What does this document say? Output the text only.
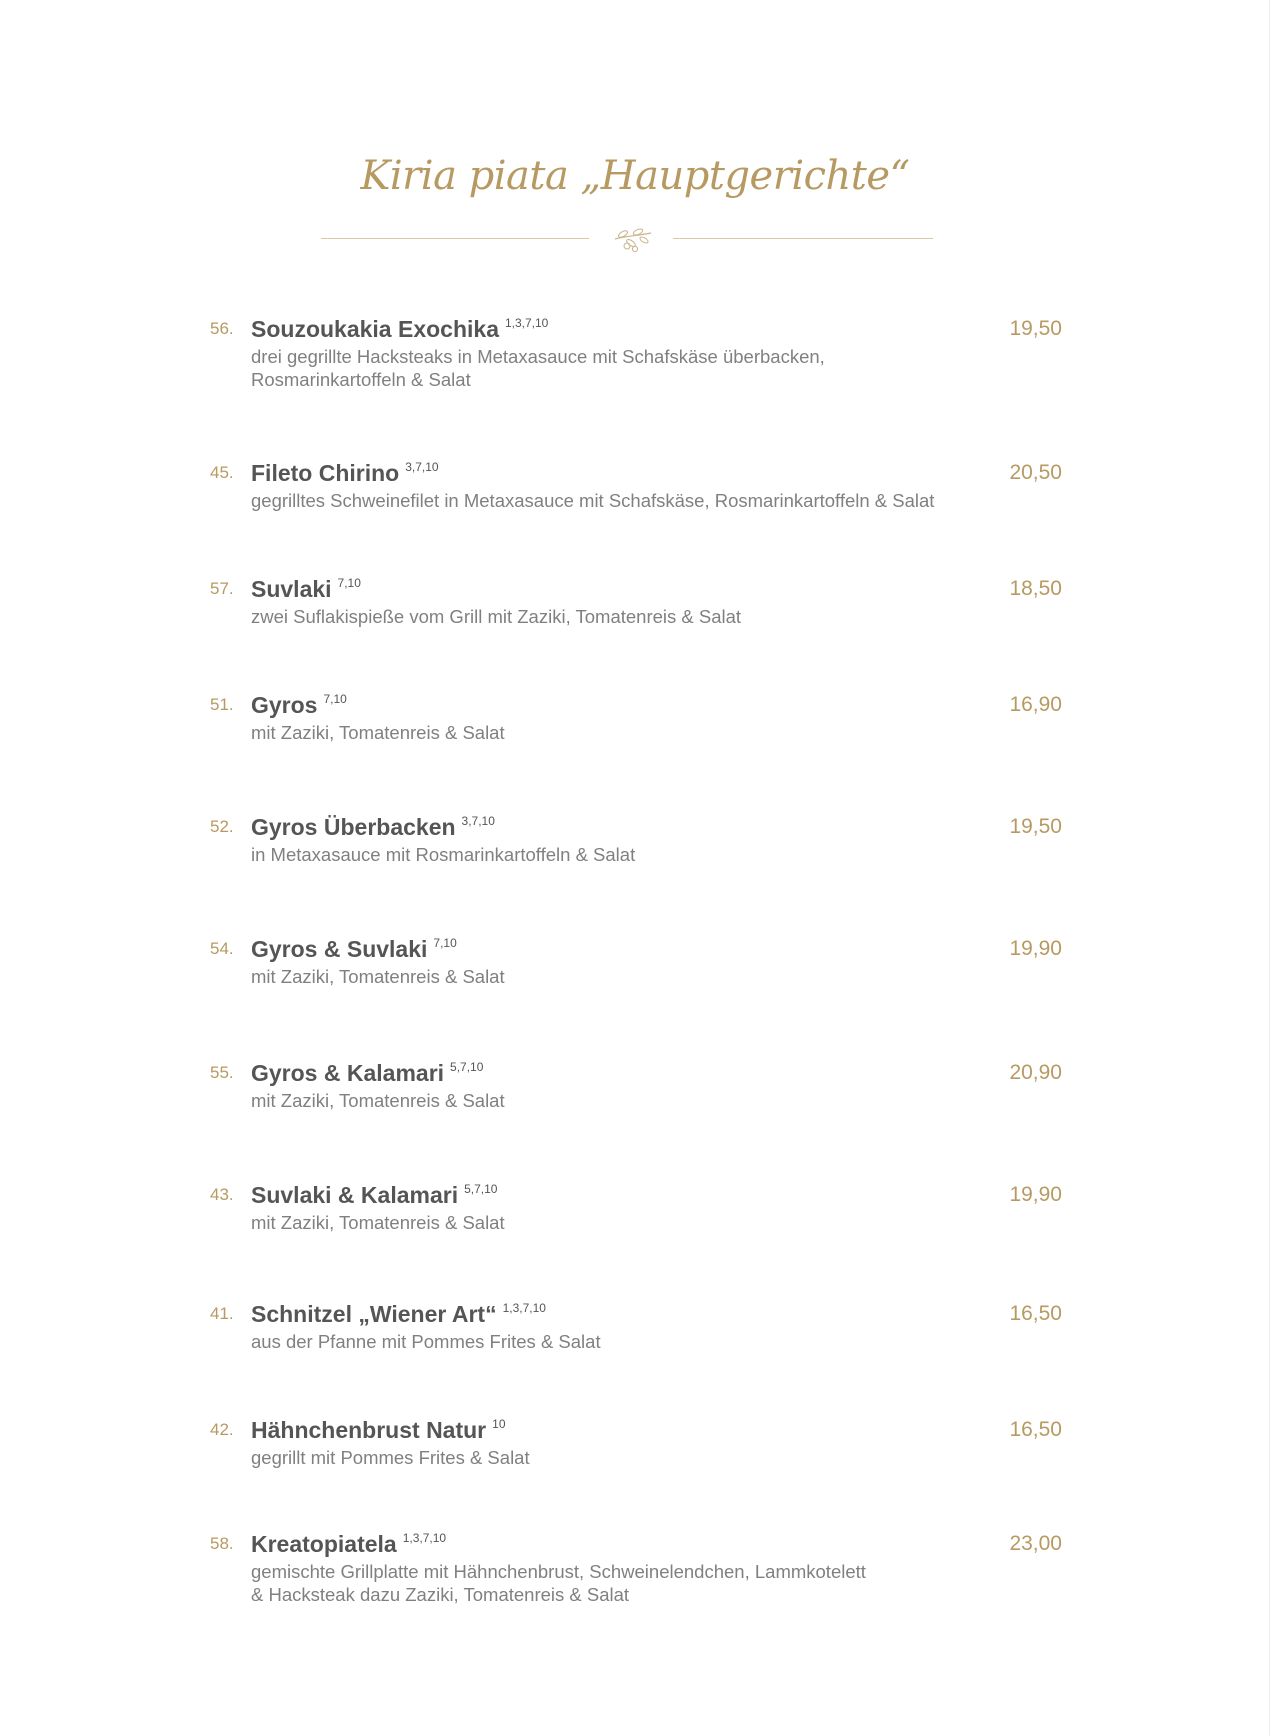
Kiria piata „Hauptgerichte“
56. Souzoukakia Exochika $^{1,3,7,10}$	19,50
drei gegrillte Hacksteaks in Metaxasauce mit Schafskäse überbacken,
Rosmarinkartoffeln & Salat
45. Fileto Chirino $^{3,7,10}$	20,50
gegrilltes Schweinefilet in Metaxasauce mit Schafskäse, Rosmarinkartoffeln & Salat
57. Suvlaki $^{7,10}$	18,50
zwei Suflakispieße vom Grill mit Zaziki, Tomatenreis & Salat
51. Gyros $^{7,10}$	16,90
mit Zaziki, Tomatenreis & Salat
52. Gyros Überbacken $^{3,7,10}$	19,50
in Metaxasauce mit Rosmarinkartoffeln & Salat
54. Gyros & Suvlaki $^{7,10}$	19,90
mit Zaziki, Tomatenreis & Salat
55. Gyros & Kalamari $^{5,7,10}$	20,90
mit Zaziki, Tomatenreis & Salat
43. Suvlaki & Kalamari $^{5,7,10}$	19,90
mit Zaziki, Tomatenreis & Salat
41. Schnitzel „Wiener Art“ $^{1,3,7,10}$	16,50
aus der Pfanne mit Pommes Frites & Salat
42. Hähnchenbrust Natur $^{10}$	16,50
gegrillt mit Pommes Frites & Salat
58. Kreatopiatela $^{1,3,7,10}$	23,00
gemischte Grillplatte mit Hähnchenbrust, Schweinelendchen, Lammkotelett
& Hacksteak dazu Zaziki, Tomatenreis & Salat
